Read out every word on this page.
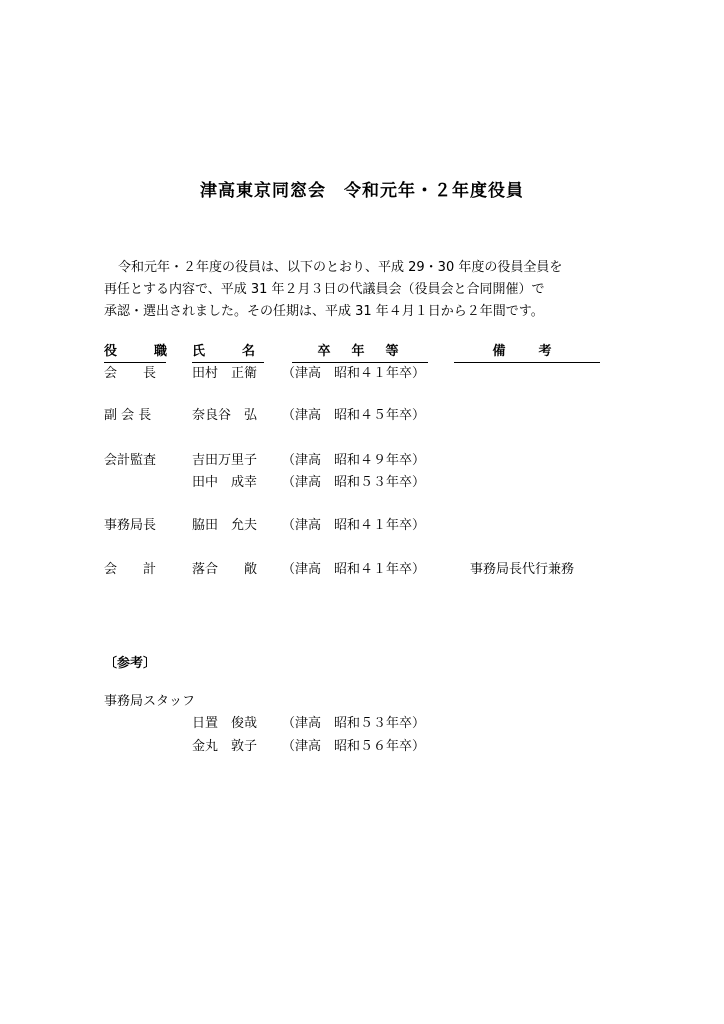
津高東京同窓会　令和元年・２年度役員
令和元年・２年度の役員は、以下のとおり、平成 29・30 年度の役員全員を
再任とする内容で、平成 31 年２月３日の代議員会（役員会と合同開催）で
承認・選出されました。その任期は、平成 31 年４月１日から２年間です。
役　職 氏　名	卒　年　等	備　考
会　　長	田村　正衛 （津高　昭和４１年卒）
副 会 長	奈良谷　弘 （津高　昭和４５年卒）
会計監査	吉田万里子 （津高　昭和４９年卒）
田中　成幸 （津高　昭和５３年卒）
事務局長	脇田　允夫 （津高　昭和４１年卒）
会　　計	落合　　敞 （津高　昭和４１年卒）	事務局長代行兼務
〔参考〕
事務局スタッフ
日置　俊哉 （津高　昭和５３年卒）
金丸　敦子 （津高　昭和５６年卒）
